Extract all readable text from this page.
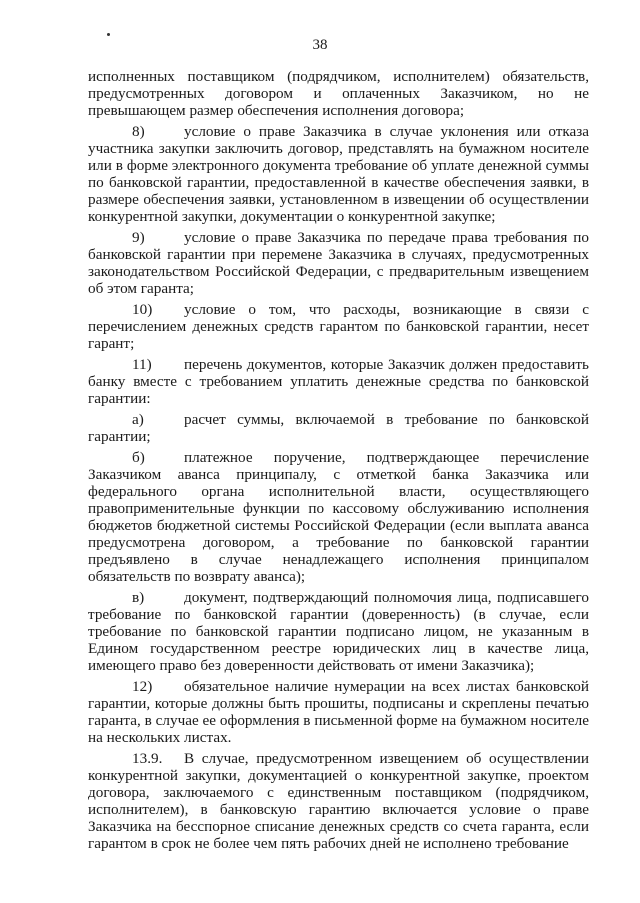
38

исполненных поставщиком (подрядчиком, исполнителем) обязательств, предусмотренных договором и оплаченных Заказчиком, но не превышающем размер обеспечения исполнения договора;

8)	условие о праве Заказчика в случае уклонения или отказа участника закупки заключить договор, представлять на бумажном носителе или в форме электронного документа требование об уплате денежной суммы по банковской гарантии, предоставленной в качестве обеспечения заявки, в размере обеспечения заявки, установленном в извещении об осуществлении конкурентной закупки, документации о конкурентной закупке;

9)	условие о праве Заказчика по передаче права требования по банковской гарантии при перемене Заказчика в случаях, предусмотренных законодательством Российской Федерации, с предварительным извещением об этом гаранта;

10) условие о том, что расходы, возникающие в связи с перечислением денежных средств гарантом по банковской гарантии, несет гарант;

11) перечень документов, которые Заказчик должен предоставить банку вместе с требованием уплатить денежные средства по банковской гарантии:

а)	расчет суммы, включаемой в требование по банковской гарантии;

б)	платежное поручение, подтверждающее перечисление Заказчиком аванса принципалу, с отметкой банка Заказчика или федерального органа исполнительной власти, осуществляющего правоприменительные функции по кассовому обслуживанию исполнения бюджетов бюджетной системы Российской Федерации (если выплата аванса предусмотрена договором, а требование по банковской гарантии предъявлено в случае ненадлежащего исполнения принципалом обязательств по возврату аванса);

в)	документ, подтверждающий полномочия лица, подписавшего требование по банковской гарантии (доверенность) (в случае, если требование по банковской гарантии подписано лицом, не указанным в Едином государственном реестре юридических лиц в качестве лица, имеющего право без доверенности действовать от имени Заказчика);

12) обязательное наличие нумерации на всех листах банковской гарантии, которые должны быть прошиты, подписаны и скреплены печатью гаранта, в случае ее оформления в письменной форме на бумажном носителе на нескольких листах.

13.9. В случае, предусмотренном извещением об осуществлении конкурентной закупки, документацией о конкурентной закупке, проектом договора, заключаемого с единственным поставщиком (подрядчиком, исполнителем), в банковскую гарантию включается условие о праве Заказчика на бесспорное списание денежных средств со счета гаранта, если гарантом в срок не более чем пять рабочих дней не исполнено требование
